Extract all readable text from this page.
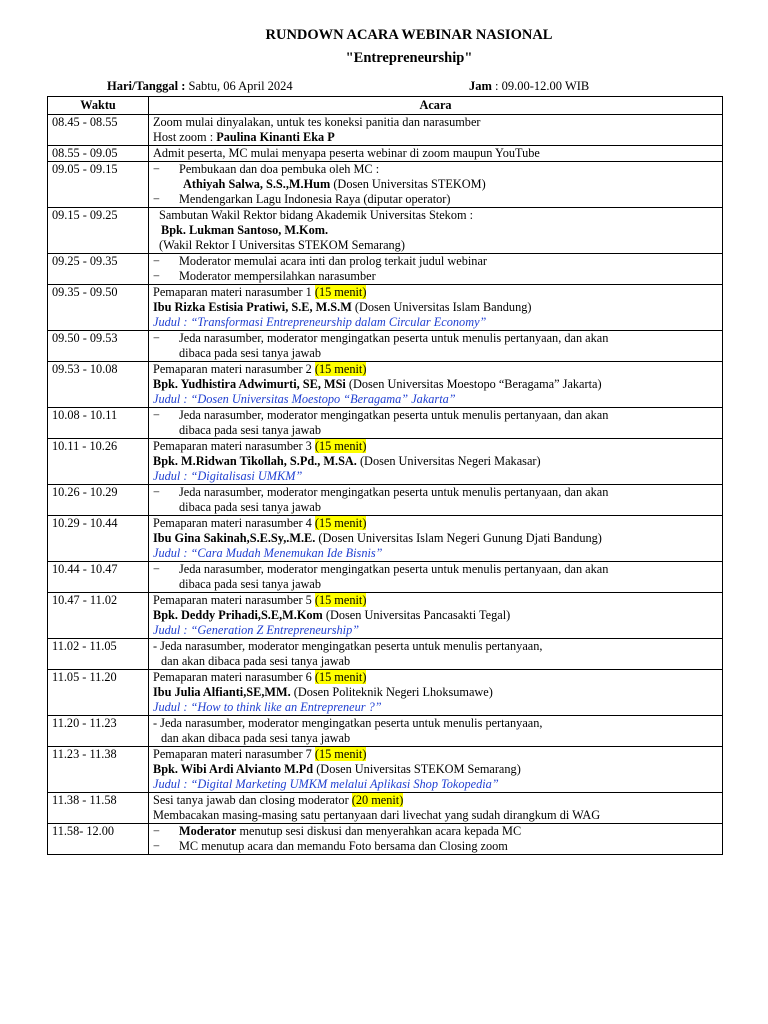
RUNDOWN ACARA WEBINAR NASIONAL
"Entrepreneurship"
Hari/Tanggal : Sabtu, 06 April 2024	Jam : 09.00-12.00 WIB
Waktu	Acara
08.45 - 08.55	Zoom mulai dinyalakan, untuk tes koneksi panitia dan narasumber
Host zoom : Paulina Kinanti Eka P

08.55 - 09.05	Admit peserta, MC mulai menyapa peserta webinar di zoom maupun YouTube

09.05 - 09.15	− Pembukaan dan doa pembuka oleh MC :
Athiyah Salwa, S.S.,M.Hum (Dosen Universitas STEKOM)
− Mendengarkan Lagu Indonesia Raya (diputar operator)

09.15 - 09.25	Sambutan Wakil Rektor bidang Akademik Universitas Stekom :
Bpk. Lukman Santoso, M.Kom.
(Wakil Rektor I Universitas STEKOM Semarang)

09.25 - 09.35	− Moderator memulai acara inti dan prolog terkait judul webinar
− Moderator mempersilahkan narasumber

09.35 - 09.50	Pemaparan materi narasumber 1 (15 menit)
Ibu Rizka Estisia Pratiwi, S.E, M.S.M (Dosen Universitas Islam Bandung)
Judul : “Transformasi Entrepreneurship dalam Circular Economy”

09.50 - 09.53	− Jeda narasumber, moderator mengingatkan peserta untuk menulis pertanyaan, dan akan
dibaca pada sesi tanya jawab

09.53 - 10.08	Pemaparan materi narasumber 2 (15 menit)
Bpk. Yudhistira Adwimurti, SE, MSi (Dosen Universitas Moestopo “Beragama” Jakarta)
Judul : “Dosen Universitas Moestopo “Beragama” Jakarta”

10.08 - 10.11	− Jeda narasumber, moderator mengingatkan peserta untuk menulis pertanyaan, dan akan
dibaca pada sesi tanya jawab

10.11 - 10.26	Pemaparan materi narasumber 3 (15 menit)
Bpk. M.Ridwan Tikollah, S.Pd., M.SA. (Dosen Universitas Negeri Makasar)
Judul : “Digitalisasi UMKM”

10.26 - 10.29	− Jeda narasumber, moderator mengingatkan peserta untuk menulis pertanyaan, dan akan
dibaca pada sesi tanya jawab

10.29 - 10.44	Pemaparan materi narasumber 4 (15 menit)
Ibu Gina Sakinah,S.E.Sy,.M.E. (Dosen Universitas Islam Negeri Gunung Djati Bandung)
Judul : “Cara Mudah Menemukan Ide Bisnis”

10.44 - 10.47	− Jeda narasumber, moderator mengingatkan peserta untuk menulis pertanyaan, dan akan
dibaca pada sesi tanya jawab

10.47 - 11.02	Pemaparan materi narasumber 5 (15 menit)
Bpk. Deddy Prihadi,S.E,M.Kom (Dosen Universitas Pancasakti Tegal)
Judul : “Generation Z Entrepreneurship”

11.02 - 11.05	- Jeda narasumber, moderator mengingatkan peserta untuk menulis pertanyaan,
dan akan dibaca pada sesi tanya jawab

11.05 - 11.20	Pemaparan materi narasumber 6 (15 menit)
Ibu Julia Alfianti,SE,MM. (Dosen Politeknik Negeri Lhoksumawe)
Judul : “How to think like an Entrepreneur ?”

11.20 - 11.23	- Jeda narasumber, moderator mengingatkan peserta untuk menulis pertanyaan,
dan akan dibaca pada sesi tanya jawab

11.23 - 11.38	Pemaparan materi narasumber 7 (15 menit)
Bpk. Wibi Ardi Alvianto M.Pd (Dosen Universitas STEKOM Semarang)
Judul : “Digital Marketing UMKM melalui Aplikasi Shop Tokopedia”

11.38 - 11.58	Sesi tanya jawab dan closing moderator (20 menit)
Membacakan masing-masing satu pertanyaan dari livechat yang sudah dirangkum di WAG

11.58- 12.00	− Moderator menutup sesi diskusi dan menyerahkan acara kepada MC
− MC menutup acara dan memandu Foto bersama dan Closing zoom
